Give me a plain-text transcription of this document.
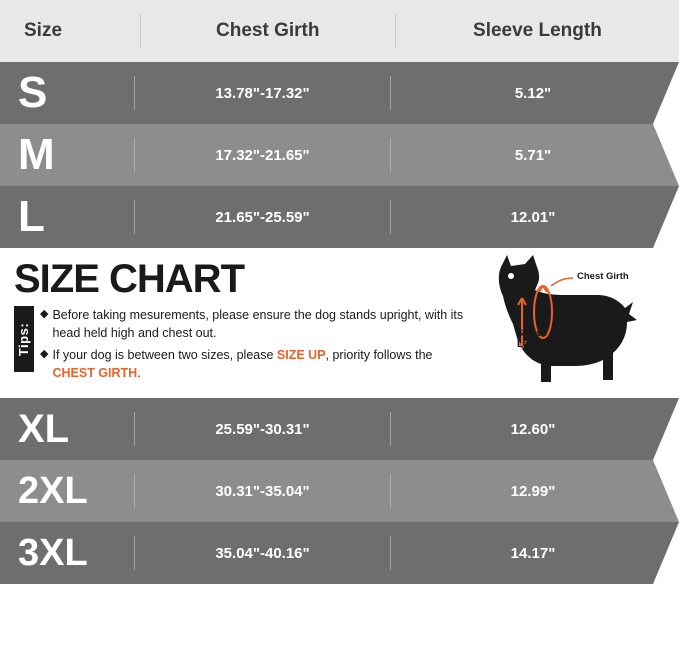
Size	Chest Girth	Sleeve Length
S	13.78"-17.32"	5.12"
M	17.32"-21.65"	5.71"
L	21.65"-25.59"	12.01"
SIZE CHART
Tips:
◆ Before taking mesurements, please ensure the dog stands upright, with its head held high and chest out.
◆ If your dog is between two sizes, please SIZE UP, priority follows the CHEST GIRTH.
Chest Girth
Sleeve
Length
XL	25.59"-30.31"	12.60"
2XL	30.31"-35.04"	12.99"
3XL	35.04"-40.16"	14.17"
